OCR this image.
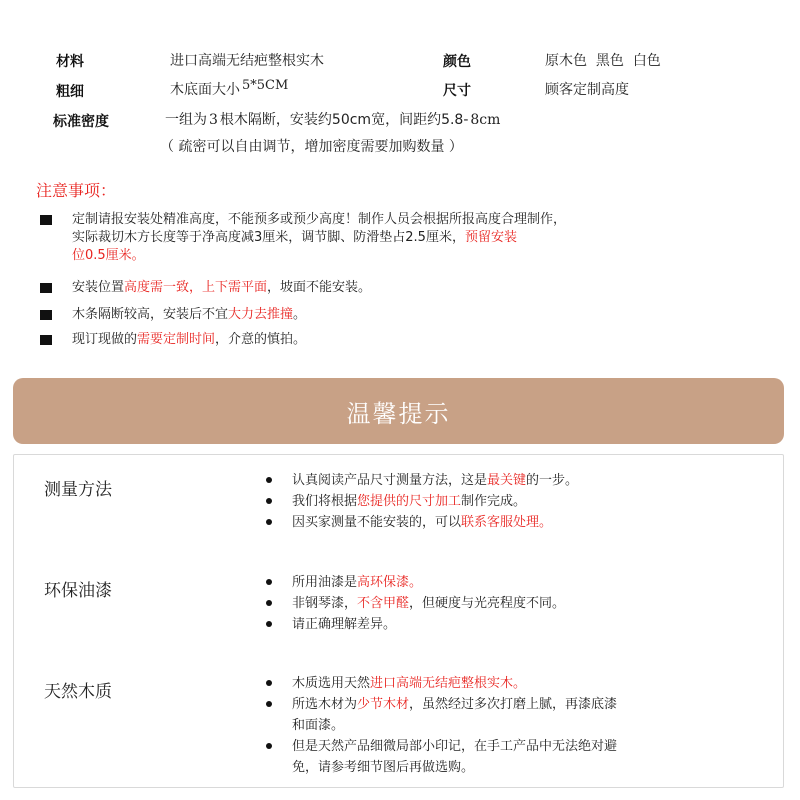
材料	进口高端无结疤整根实木	颜色	原木色 黑色 白色
粗细	木底面大小 5*5CM	尺寸	顾客定制高度
标准密度	一组为 3 根木隔断，安装约50cm宽，间距约5.8- 8cm
（ 疏密可以自由调节，增加密度需要加购数量 ）
注意事项：
定制请报安装处精准高度，不能预多或预少高度！制作人员会根据所报高度合理制作，
实际裁切木方长度等于净高度减3厘米，调节脚、防滑垫占2.5厘米，预留安装
位0.5厘米。
安装位置高度需一致，上下需平面，坡面不能安装。
木条隔断较高，安装后不宜大力去推撞。
现订现做的需要定制时间，介意的慎拍。
温馨提示
测量方法	认真阅读产品尺寸测量方法，这是最关键的一步。
我们将根据您提供的尺寸加工制作完成。
因买家测量不能安装的，可以联系客服处理。
环保油漆	所用油漆是高环保漆。
非钢琴漆，不含甲醛，但硬度与光亮程度不同。
请正确理解差异。
天然木质	木质选用天然进口高端无结疤整根实木。
所选木材为少节木材，虽然经过多次打磨上腻，再漆底漆
和面漆。
但是天然产品细微局部小印记，在手工产品中无法绝对避
免，请参考细节图后再做选购。
